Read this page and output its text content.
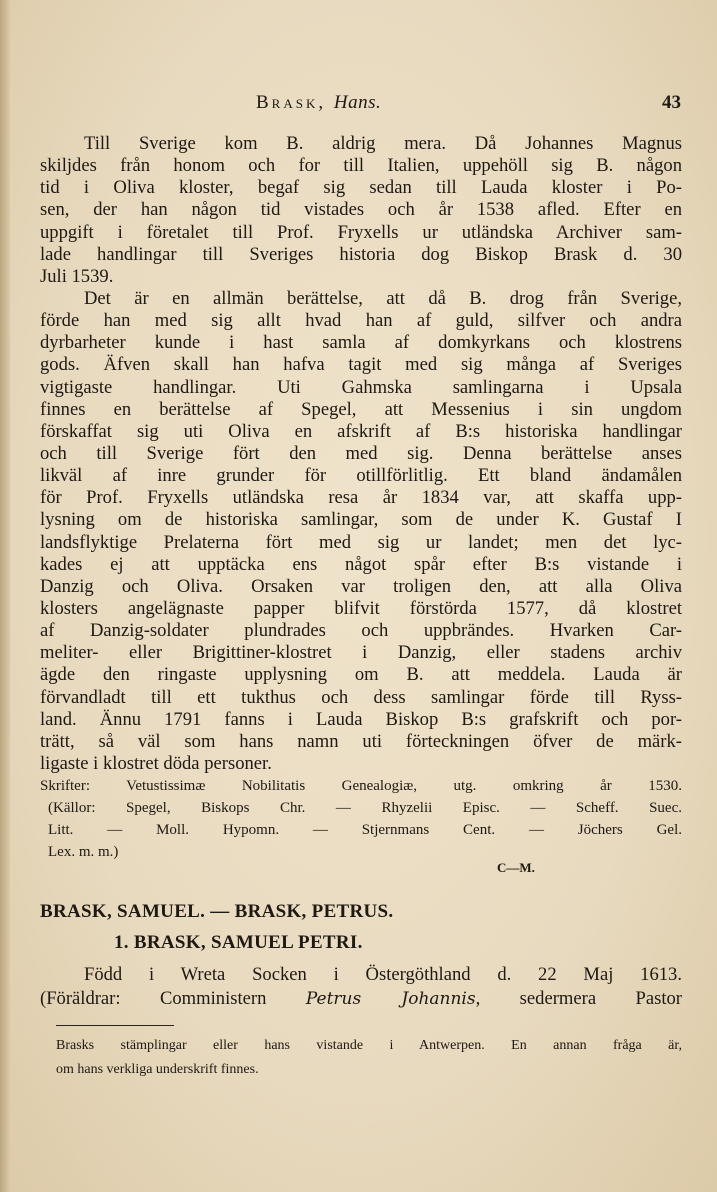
Brask, Hans.	43
Till Sverige kom B. aldrig mera. Då Johannes Magnus
skiljdes från honom och for till Italien, uppehöll sig B. någon
tid i Oliva kloster, begaf sig sedan till Lauda kloster i Po-
sen, der han någon tid vistades och år 1538 afled. Efter en
uppgift i företalet till Prof. Fryxells ur utländska Archiver sam-
lade handlingar till Sveriges historia dog Biskop Brask d. 30
Juli 1539.
Det är en allmän berättelse, att då B. drog från Sverige,
förde han med sig allt hvad han af guld, silfver och andra
dyrbarheter kunde i hast samla af domkyrkans och klostrens
gods. Äfven skall han hafva tagit med sig många af Sveriges
vigtigaste handlingar. Uti Gahmska samlingarna i Upsala
finnes en berättelse af Spegel, att Messenius i sin ungdom
förskaffat sig uti Oliva en afskrift af B:s historiska handlingar
och till Sverige fört den med sig. Denna berättelse anses
likväl af inre grunder för otillförlitlig. Ett bland ändamålen
för Prof. Fryxells utländska resa år 1834 var, att skaffa upp-
lysning om de historiska samlingar, som de under K. Gustaf I
landsflyktige Prelaterna fört med sig ur landet; men det lyc-
kades ej att upptäcka ens något spår efter B:s vistande i
Danzig och Oliva. Orsaken var troligen den, att alla Oliva
klosters angelägnaste papper blifvit förstörda 1577, då klostret
af Danzig-soldater plundrades och uppbrändes. Hvarken Car-
meliter- eller Brigittiner-klostret i Danzig, eller stadens archiv
ägde den ringaste upplysning om B. att meddela. Lauda är
förvandladt till ett tukthus och dess samlingar förde till Ryss-
land. Ännu 1791 fanns i Lauda Biskop B:s grafskrift och por-
trätt, så väl som hans namn uti förteckningen öfver de märk-
ligaste i klostret döda personer.
Skrifter: Vetustissimæ Nobilitatis Genealogiæ, utg. omkring år 1530.
(Källor: Spegel, Biskops Chr. — Rhyzelii Episc. — Scheff. Suec.
Litt. — Moll. Hypomn. — Stjernmans Cent. — Jöchers Gel.
Lex. m. m.)
C—M.
BRASK, SAMUEL. — BRASK, PETRUS.
1. BRASK, SAMUEL PETRI.
Född i Wreta Socken i Östergöthland d. 22 Maj 1613.
(Föräldrar: Comministern Petrus Johannis, sedermera Pastor
Brasks stämplingar eller hans vistande i Antwerpen. En annan fråga är,
om hans verkliga underskrift finnes.
